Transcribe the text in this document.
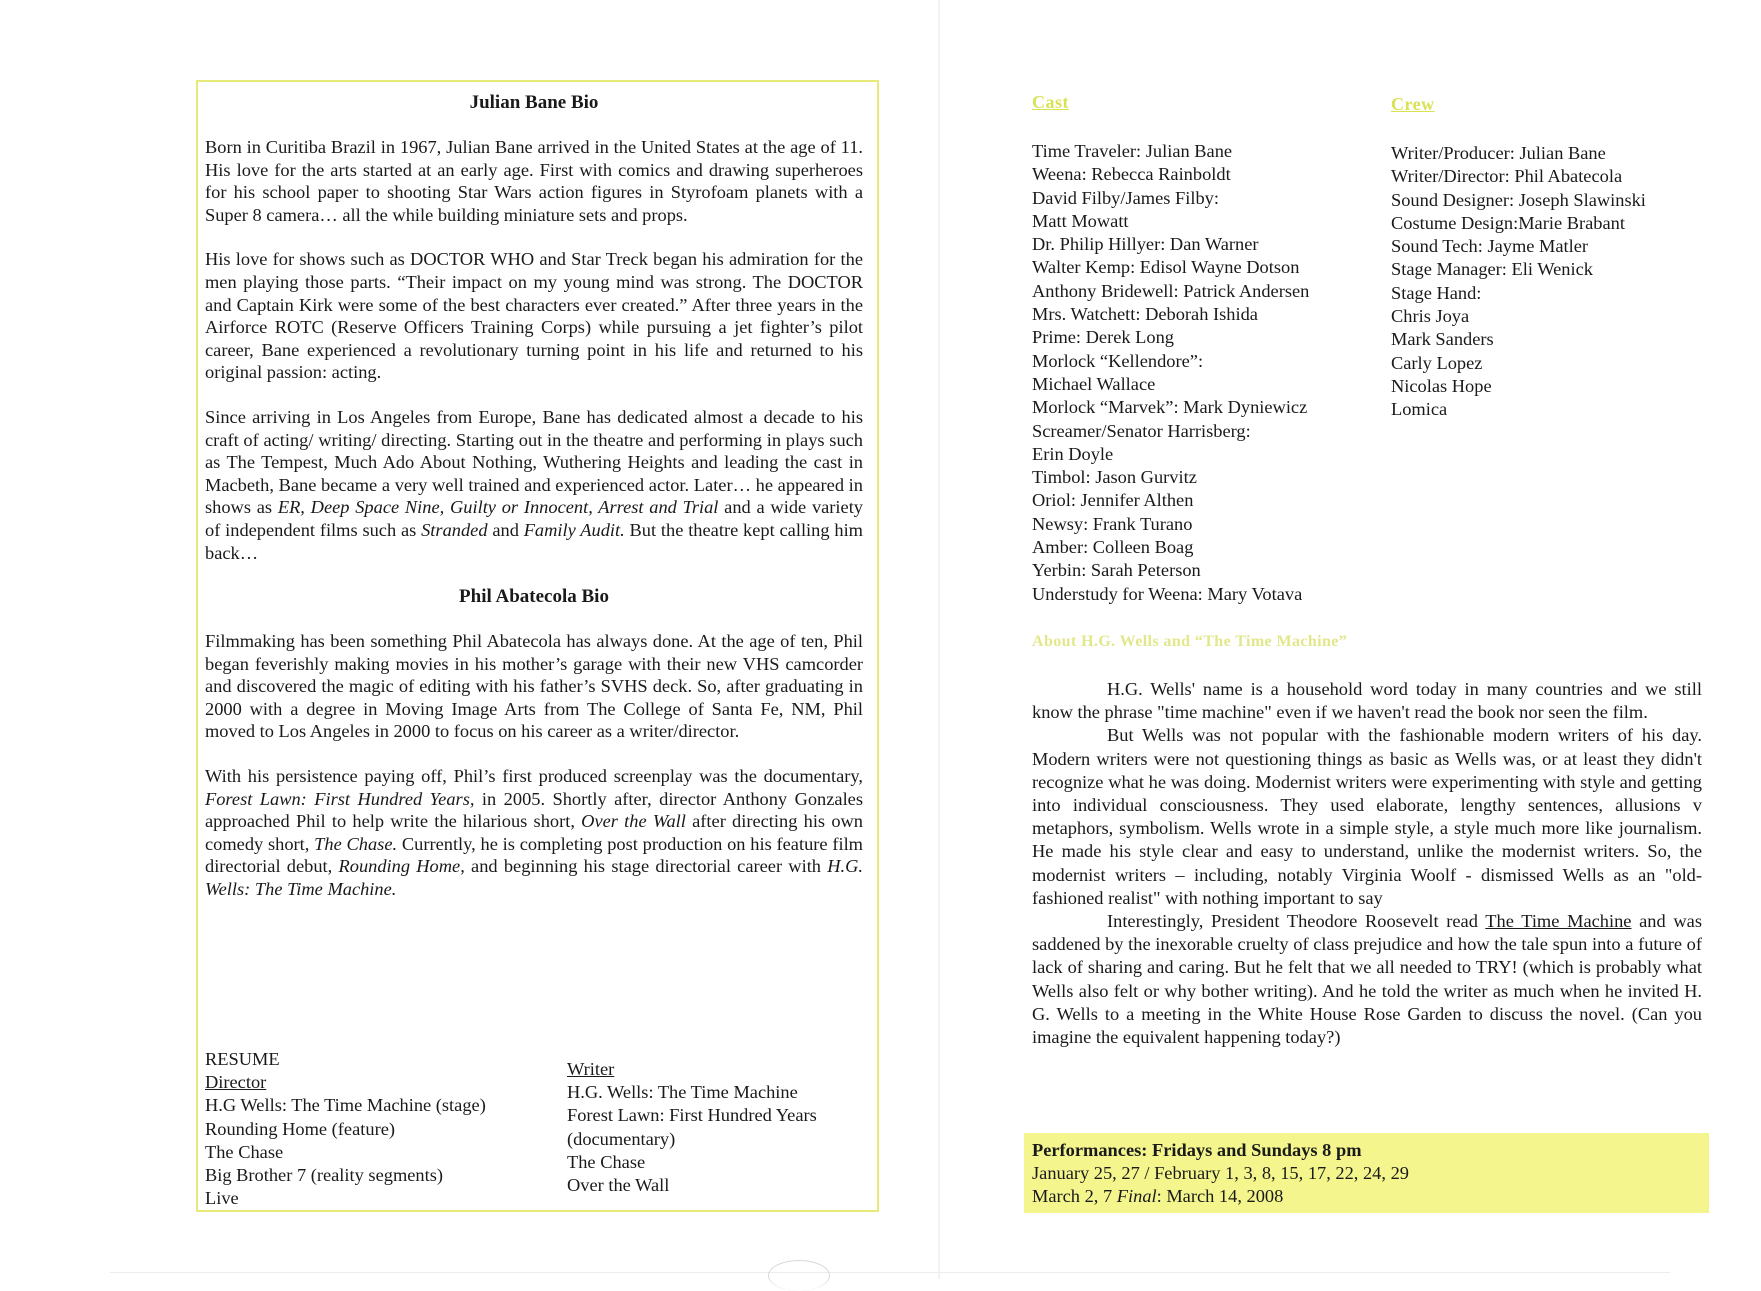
Julian Bane Bio

Born in Curitiba Brazil in 1967, Julian Bane arrived in the United States at the age of 11. His love for the arts started at an early age. First with comics and drawing superheroes for his school paper to shooting Star Wars action figures in Styrofoam planets with a Super 8 camera… all the while building miniature sets and props.

His love for shows such as DOCTOR WHO and Star Treck began his admiration for the men playing those parts. “Their impact on my young mind was strong. The DOCTOR and Captain Kirk were some of the best characters ever created.” After three years in the Airforce ROTC (Reserve Officers Training Corps) while pursuing a jet fighter’s pilot career, Bane experienced a revolutionary turning point in his life and returned to his original passion: acting.

Since arriving in Los Angeles from Europe, Bane has dedicated almost a decade to his craft of acting/ writing/ directing. Starting out in the theatre and performing in plays such as The Tempest, Much Ado About Nothing, Wuthering Heights and leading the cast in Macbeth, Bane became a very well trained and experienced actor. Later… he appeared in shows as ER, Deep Space Nine, Guilty or Innocent, Arrest and Trial and a wide variety of independent films such as Stranded and Family Audit. But the theatre kept calling him back…

Phil Abatecola Bio

Filmmaking has been something Phil Abatecola has always done. At the age of ten, Phil began feverishly making movies in his mother’s garage with their new VHS camcorder and discovered the magic of editing with his father’s SVHS deck. So, after graduating in 2000 with a degree in Moving Image Arts from The College of Santa Fe, NM, Phil moved to Los Angeles in 2000 to focus on his career as a writer/director.

With his persistence paying off, Phil’s first produced screenplay was the documentary, Forest Lawn: First Hundred Years, in 2005. Shortly after, director Anthony Gonzales approached Phil to help write the hilarious short, Over the Wall after directing his own comedy short, The Chase. Currently, he is completing post production on his feature film directorial debut, Rounding Home, and beginning his stage directorial career with H.G. Wells: The Time Machine.

RESUME
Director
H.G Wells: The Time Machine (stage)
Rounding Home (feature)
The Chase
Big Brother 7 (reality segments)
Live
Writer
H.G. Wells: The Time Machine
Forest Lawn: First Hundred Years
(documentary)
The Chase
Over the Wall
Cast	Crew
Time Traveler: Julian Bane
Weena: Rebecca Rainboldt
David Filby/James Filby:
Matt Mowatt
Dr. Philip Hillyer: Dan Warner
Walter Kemp: Edisol Wayne Dotson
Anthony Bridewell: Patrick Andersen
Mrs. Watchett: Deborah Ishida
Prime: Derek Long
Morlock “Kellendore”:
Michael Wallace
Morlock “Marvek”: Mark Dyniewicz
Screamer/Senator Harrisberg:
Erin Doyle
Timbol: Jason Gurvitz
Oriol: Jennifer Althen
Newsy: Frank Turano
Amber: Colleen Boag
Yerbin: Sarah Peterson
Understudy for Weena: Mary Votava
Writer/Producer: Julian Bane
Writer/Director: Phil Abatecola
Sound Designer: Joseph Slawinski
Costume Design:Marie Brabant
Sound Tech: Jayme Matler
Stage Manager: Eli Wenick
Stage Hand:
Chris Joya
Mark Sanders
Carly Lopez
Nicolas Hope
Lomica
About H.G. Wells and “The Time Machine”

H.G. Wells' name is a household word today in many countries and we still know the phrase "time machine" even if we haven't read the book nor seen the film.

But Wells was not popular with the fashionable modern writers of his day. Modern writers were not questioning things as basic as Wells was, or at least they didn't recognize what he was doing. Modernist writers were experimenting with style and getting into individual consciousness. They used elaborate, lengthy sentences, allusions v metaphors, symbolism. Wells wrote in a simple style, a style much more like journalism. He made his style clear and easy to understand, unlike the modernist writers. So, the modernist writers – including, notably Virginia Woolf - dismissed Wells as an "old-fashioned realist" with nothing important to say

Interestingly, President Theodore Roosevelt read The Time Machine and was saddened by the inexorable cruelty of class prejudice and how the tale spun into a future of lack of sharing and caring. But he felt that we all needed to TRY! (which is probably what Wells also felt or why bother writing). And he told the writer as much when he invited H. G. Wells to a meeting in the White House Rose Garden to discuss the novel. (Can you imagine the equivalent happening today?)

Performances: Fridays and Sundays 8 pm
January 25, 27 / February 1, 3, 8, 15, 17, 22, 24, 29
March 2, 7 Final: March 14, 2008
